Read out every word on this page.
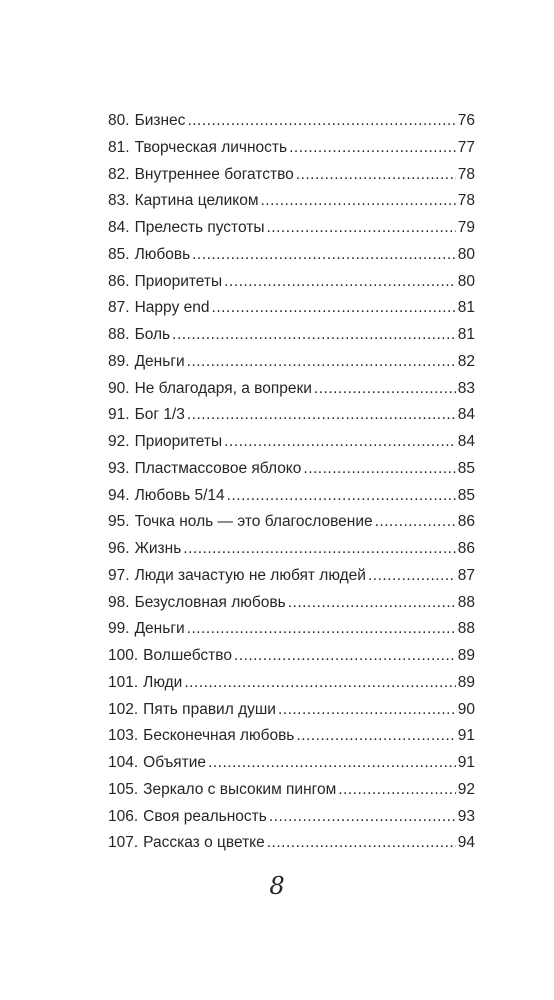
80. Бизнес .....	76
81. Творческая личность .....	77
82. Внутреннее богатство .....	78
83. Картина целиком .....	78
84. Прелесть пустоты .....	79
85. Любовь .....	80
86. Приоритеты .....	80
87. Happy end .....	81
88. Боль .....	81
89. Деньги .....	82
90. Не благодаря, а вопреки .....	83
91. Бог 1/3 .....	84
92. Приоритеты .....	84
93. Пластмассовое яблоко .....	85
94. Любовь 5/14 .....	85
95. Точка ноль — это благословение .....	86
96. Жизнь .....	86
97. Люди зачастую не любят людей .....	87
98. Безусловная любовь .....	88
99. Деньги .....	88
100. Волшебство .....	89
101. Люди .....	89
102. Пять правил души .....	90
103. Бесконечная любовь .....	91
104. Объятие .....	91
105. Зеркало с высоким пингом .....	92
106. Своя реальность .....	93
107. Рассказ о цветке .....	94
8
